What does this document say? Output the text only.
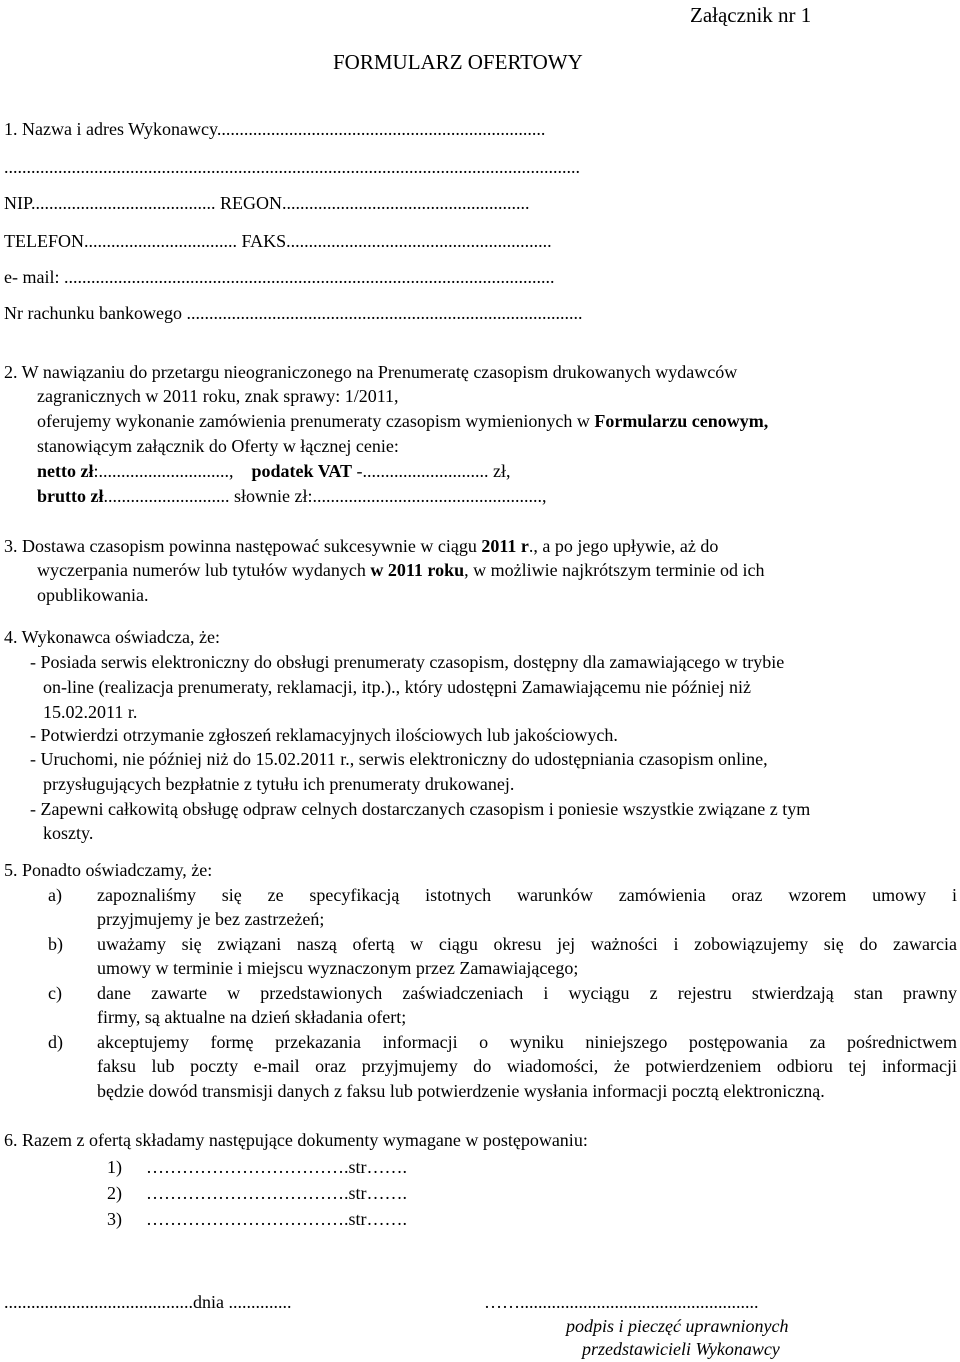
Załącznik nr 1
FORMULARZ OFERTOWY
1. Nazwa i adres Wykonawcy.........................................................................
................................................................................................................................
NIP......................................... REGON.......................................................
TELEFON.................................. FAKS...........................................................
e- mail: .............................................................................................................
Nr rachunku bankowego ........................................................................................
2. W nawiązaniu do przetargu nieograniczonego na Prenumeratę czasopism drukowanych wydawców
zagranicznych w 2011 roku, znak sprawy: 1/2011,
oferujemy wykonanie zamówienia prenumeraty czasopism wymienionych w Formularzu cenowym,
stanowiącym załącznik do Oferty w łącznej cenie:
netto zł:............................., podatek VAT -............................ zł,
brutto zł............................ słownie zł:...................................................,
3. Dostawa czasopism powinna następować sukcesywnie w ciągu 2011 r., a po jego upływie, aż do
wyczerpania numerów lub tytułów wydanych w 2011 roku, w możliwie najkrótszym terminie od ich
opublikowania.
4. Wykonawca oświadcza, że:
- Posiada serwis elektroniczny do obsługi prenumeraty czasopism, dostępny dla zamawiającego w trybie
on-line (realizacja prenumeraty, reklamacji, itp.)., który udostępni Zamawiającemu nie później niż
15.02.2011 r.
- Potwierdzi otrzymanie zgłoszeń reklamacyjnych ilościowych lub jakościowych.
- Uruchomi, nie później niż do 15.02.2011 r., serwis elektroniczny do udostępniania czasopism online,
przysługujących bezpłatnie z tytułu ich prenumeraty drukowanej.
- Zapewni całkowitą obsługę odpraw celnych dostarczanych czasopism i poniesie wszystkie związane z tym
koszty.
5. Ponadto oświadczamy, że:
a) zapoznaliśmy się ze specyfikacją istotnych warunków zamówienia oraz wzorem umowy i
przyjmujemy je bez zastrzeżeń;
b) uważamy się związani naszą ofertą w ciągu okresu jej ważności i zobowiązujemy się do zawarcia
umowy w terminie i miejscu wyznaczonym przez Zamawiającego;
c) dane zawarte w przedstawionych zaświadczeniach i wyciągu z rejestru stwierdzają stan prawny
firmy, są aktualne na dzień składania ofert;
d) akceptujemy formę przekazania informacji o wyniku niniejszego postępowania za pośrednictwem
faksu lub poczty e-mail oraz przyjmujemy do wiadomości, że potwierdzeniem odbioru tej informacji
będzie dowód transmisji danych z faksu lub potwierdzenie wysłania informacji pocztą elektroniczną.
6. Razem z ofertą składamy następujące dokumenty wymagane w postępowaniu:
1) …………………………….str…….
2) …………………………….str…….
3) …………………………….str…….
..........................................dnia ..............	…….....................................................
podpis i pieczęć uprawnionych
przedstawicieli Wykonawcy
